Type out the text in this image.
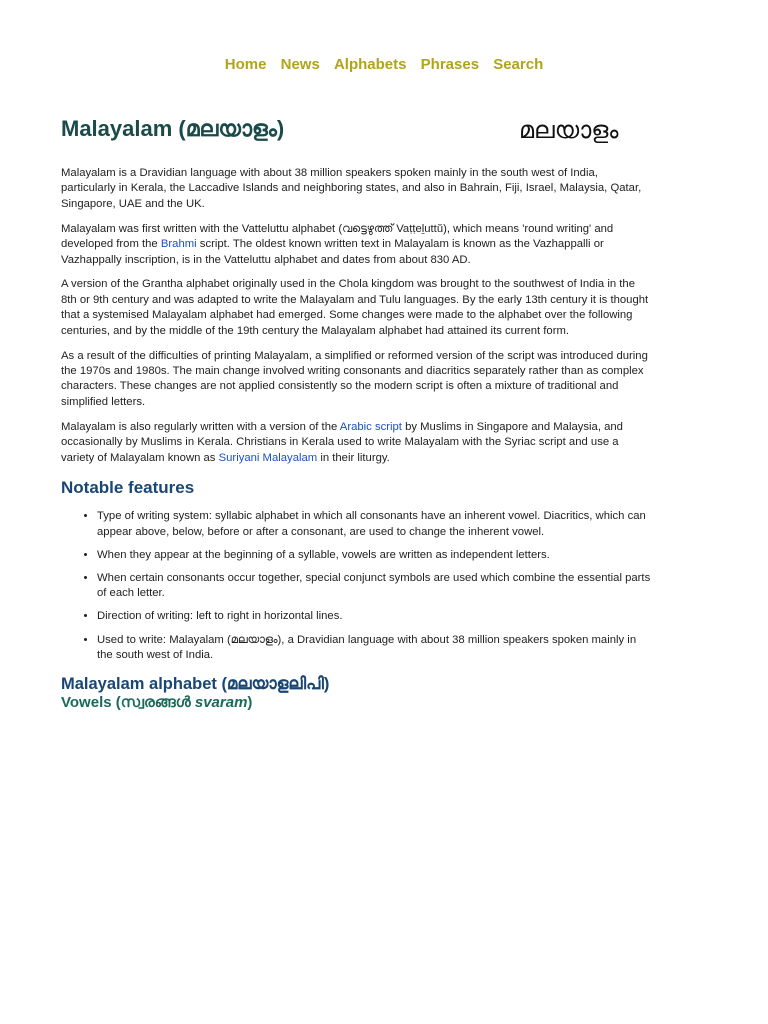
Home News Alphabets Phrases Search
Malayalam (മലയാളം)	മലയാളം

Malayalam is a Dravidian language with about 38 million speakers spoken mainly in the south west of India, particularly in Kerala, the Laccadive Islands and neighboring states, and also in Bahrain, Fiji, Israel, Malaysia, Qatar, Singapore, UAE and the UK.

Malayalam was first written with the Vatteluttu alphabet (വട്ടെഴുത്ത് Vaṭṭeḻuttŭ), which means 'round writing' and developed from the Brahmi script. The oldest known written text in Malayalam is known as the Vazhappalli or Vazhappally inscription, is in the Vatteluttu alphabet and dates from about 830 AD.

A version of the Grantha alphabet originally used in the Chola kingdom was brought to the southwest of India in the 8th or 9th century and was adapted to write the Malayalam and Tulu languages. By the early 13th century it is thought that a systemised Malayalam alphabet had emerged. Some changes were made to the alphabet over the following centuries, and by the middle of the 19th century the Malayalam alphabet had attained its current form.

As a result of the difficulties of printing Malayalam, a simplified or reformed version of the script was introduced during the 1970s and 1980s. The main change involved writing consonants and diacritics separately rather than as complex characters. These changes are not applied consistently so the modern script is often a mixture of traditional and simplified letters.

Malayalam is also regularly written with a version of the Arabic script by Muslims in Singapore and Malaysia, and occasionally by Muslims in Kerala. Christians in Kerala used to write Malayalam with the Syriac script and use a variety of Malayalam known as Suriyani Malayalam in their liturgy.

Notable features
• Type of writing system: syllabic alphabet in which all consonants have an inherent vowel. Diacritics, which can appear above, below, before or after a consonant, are used to change the inherent vowel.
• When they appear at the beginning of a syllable, vowels are written as independent letters.
• When certain consonants occur together, special conjunct symbols are used which combine the essential parts of each letter.
• Direction of writing: left to right in horizontal lines.
• Used to write: Malayalam (മലയാളം), a Dravidian language with about 38 million speakers spoken mainly in the south west of India.
Malayalam alphabet (മലയാളലിപി)
Vowels (സ്വരങ്ങൾ svaram)
